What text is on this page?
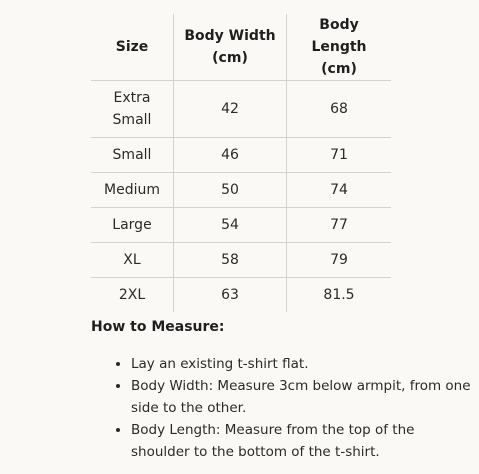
Size	Body Width (cm)	Body Length (cm)
Extra Small	42	68
Small	46	71
Medium	50	74
Large	54	77
XL	58	79
2XL	63	81.5
How to Measure:
• Lay an existing t-shirt flat.
• Body Width: Measure 3cm below armpit, from one side to the other.
• Body Length: Measure from the top of the shoulder to the bottom of the t-shirt.
